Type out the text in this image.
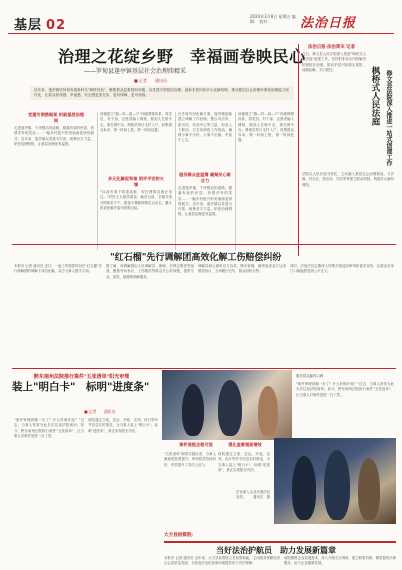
基层 02
2024年3月8日 星期五 编辑： 校对：	法治日报
治理之花绽乡野　幸福画卷映民心
——罗甸县逢亭镇基层社会治理续精采
■ 记者　　通讯员
近年来，逢亭镇坚持和发展新时代"枫桥经验"，聚焦群众急难愁盼问题，以党建引领基层治理，创新矛盾纠纷多元化解机制，推动基层社会治理体系和治理能力现代化，让群众获得感、幸福感、安全感更加充实、更有保障、更可持续。
党建引领搭框架 织就基层治理网
走进逢亭镇，干净整洁的道路、错落有致的民居、热情淳朴的笑容……一幅乡村振兴的美丽画卷徐徐展开。近年来，逢亭镇以党建为引领，统筹各方力量，织密治理网格，让基层治理更有温度。
该镇建立"镇—村—组—户"四级网格体系，将党员、村干部、志愿者编入网格，做到人在格中走、事在网中办。网格员每日走村入户，收集群众诉求，第一时间上报、第一时间处置。
多元化解促和谐 筑牢平安防火墙
"以前有事不知道找谁，现在网格员就在身边。"村民王大姐笑着说。截至目前，全镇共划分网格若干个，配备专兼职网格员百余名，累计排查化解矛盾纠纷数百起。
在矛盾纠纷化解方面，逢亭镇创新建立调解工作机制，整合司法所、派出所、综治中心等力量，形成上下联动、左右协调的工作格局，确保小事不出村、大事不出镇、矛盾不上交。
服务群众显温情 凝聚民心聚合力
走进逢亭镇，干净整洁的道路、错落有致的民居、热情淳朴的笑容……一幅乡村振兴的美丽画卷徐徐展开。近年来，逢亭镇以党建为引领，统筹各方力量，织密治理网格，让基层治理更有温度。
该镇建立"镇—村—组—户"四级网格体系，将党员、村干部、志愿者编入网格，做到人在格中走、事在网中办。网格员每日走村入户，收集群众诉求，第一时间上报、第一时间处置。
法治日报·法治周末 记者
枫桥式人民法庭 修文县法院深入推进一站式创建工作
近日，修文县人民法院深入推进"枫桥式人民法庭"创建工作，坚持把非诉讼纠纷解决机制挺在前面，推动矛盾纠纷源头预防、前端化解、关口把控。
法院以人民法庭为依托，主动融入基层社会治理格局，与乡镇、村社区、派出所、司法所等建立联动机制，构建多元解纷网络。
"红石榴"先行调解团高效化解工伤赔偿纠纷
本报讯 记者 通讯员 近日，一起工伤赔偿纠纷在"红石榴"先行调解团的调解下成功化解，双方当事人握手言和。
据了解，该调解团由人民调解员、律师、法律志愿者等组成，聚焦劳动争议、工伤赔偿等群众关心的问题，提供专业、高效、便捷的调解服务。
调解员耐心倾听双方诉求，释法析理，最终促成双方达成赔偿协议，当场履行完毕，群众纷纷点赞。
同时，法庭法官定期深入村寨开展巡回审判和普法宣传，让群众在家门口就能感受到公平正义。
黔东南州法院推行案件"五张清单"阳光审理
装上"明白卡"　标明"进度条"
■ 记者　　通讯员
"案件审理到哪一步了？什么时候开庭？"过去，当事人常常为此多次往返法院询问。如今，黔东南州法院推行案件"五张清单"，让当事人对案件进度一目了然。
该院通过立案、送达、开庭、宣判、执行等环节信息实时推送，为当事人装上"明白卡"，标明"进度条"，真正实现阳光司法。
案件流程全程可视
"五张清单"制度实施以来，当事人满意度显著提升，审判质效持续向好，有效提升了司法公信力。
强化监督提质增效
该院通过立案、送达、开庭、宣判、执行等环节信息实时推送，为当事人装上"明白卡"，标明"进度条"，真正实现阳光司法。
服务群众赢得口碑
"案件审理到哪一步了？什么时候开庭？"过去，当事人常常为此多次往返法院询问。如今，黔东南州法院推行案件"五张清单"，让当事人对案件进度一目了然。
法官深入企业开展法治宣传。　　通讯员　摄
大方县检察院：
当好法治护航员　助力发展新篇章
本报讯 记者 通讯员 近年来，大方县检察院立足检察职能，主动服务保障经济社会高质量发展，为营造法治化营商环境提供有力司法保障。
该院聚焦企业发展需求，深入开展走访调研，建立联系机制，精准提供法律服务，助力企业健康发展。
